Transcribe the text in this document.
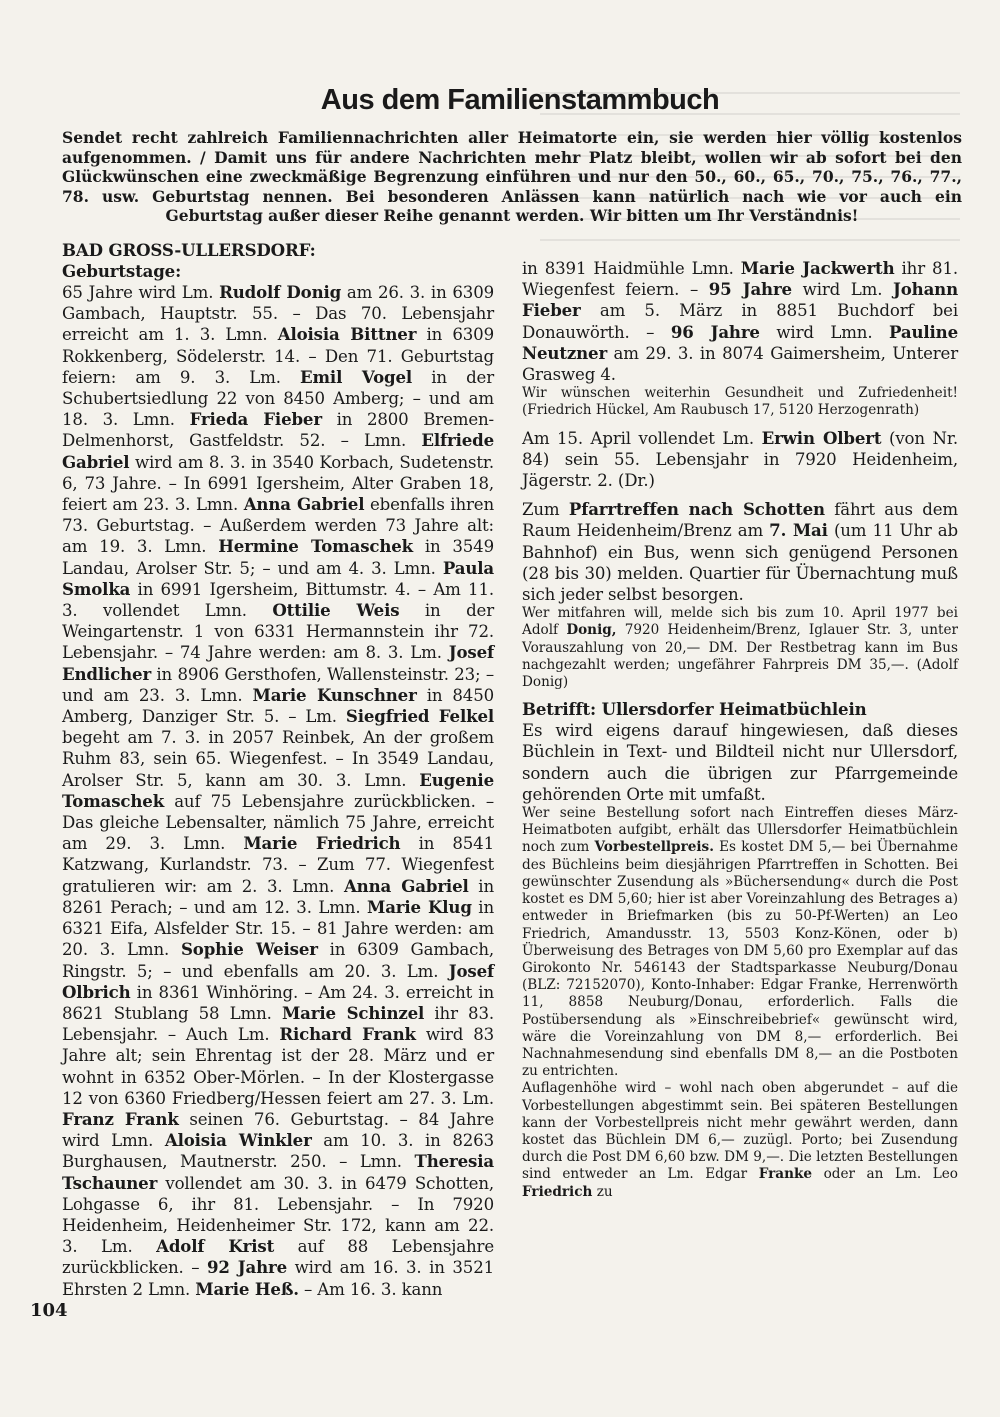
Aus dem Familienstammbuch
Sendet recht zahlreich Familiennachrichten aller Heimatorte ein, sie werden hier völlig kostenlos aufgenommen. / Damit uns für andere Nachrichten mehr Platz bleibt, wollen wir ab sofort bei den Glückwünschen eine zweckmäßige Begrenzung einführen und nur den 50., 60., 65., 70., 75., 76., 77., 78. usw. Geburtstag nennen. Bei besonderen Anlässen kann natürlich nach wie vor auch ein Geburtstag außer dieser Reihe genannt werden. Wir bitten um Ihr Verständnis!
BAD GROSS-ULLERSDORF:
Geburtstage:

65 Jahre wird Lm. Rudolf Donig am 26. 3. in 6309 Gambach, Hauptstr. 55. – Das 70. Lebensjahr erreicht am 1. 3. Lmn. Aloisia Bittner in 6309 Rokkenberg, Södelerstr. 14. – Den 71. Geburtstag feiern: am 9. 3. Lm. Emil Vogel in der Schubertsiedlung 22 von 8450 Amberg; – und am 18. 3. Lmn. Frieda Fieber in 2800 Bremen-Delmenhorst, Gastfeldstr. 52. – Lmn. Elfriede Gabriel wird am 8. 3. in 3540 Korbach, Sudetenstr. 6, 73 Jahre. – In 6991 Igersheim, Alter Graben 18, feiert am 23. 3. Lmn. Anna Gabriel ebenfalls ihren 73. Geburtstag. – Außerdem werden 73 Jahre alt: am 19. 3. Lmn. Hermine Tomaschek in 3549 Landau, Arolser Str. 5; – und am 4. 3. Lmn. Paula Smolka in 6991 Igersheim, Bittumstr. 4. – Am 11. 3. vollendet Lmn. Ottilie Weis in der Weingartenstr. 1 von 6331 Hermannstein ihr 72. Lebensjahr. – 74 Jahre werden: am 8. 3. Lm. Josef Endlicher in 8906 Gersthofen, Wallensteinstr. 23; – und am 23. 3. Lmn. Marie Kunschner in 8450 Amberg, Danziger Str. 5. – Lm. Siegfried Felkel begeht am 7. 3. in 2057 Reinbek, An der großem Ruhm 83, sein 65. Wiegenfest. – In 3549 Landau, Arolser Str. 5, kann am 30. 3. Lmn. Eugenie Tomaschek auf 75 Lebensjahre zurückblicken. – Das gleiche Lebensalter, nämlich 75 Jahre, erreicht am 29. 3. Lmn. Marie Friedrich in 8541 Katzwang, Kurlandstr. 73. – Zum 77. Wiegenfest gratulieren wir: am 2. 3. Lmn. Anna Gabriel in 8261 Perach; – und am 12. 3. Lmn. Marie Klug in 6321 Eifa, Alsfelder Str. 15. – 81 Jahre werden: am 20. 3. Lmn. Sophie Weiser in 6309 Gambach, Ringstr. 5; – und ebenfalls am 20. 3. Lm. Josef Olbrich in 8361 Winhöring. – Am 24. 3. erreicht in 8621 Stublang 58 Lmn. Marie Schinzel ihr 83. Lebensjahr. – Auch Lm. Richard Frank wird 83 Jahre alt; sein Ehrentag ist der 28. März und er wohnt in 6352 Ober-Mörlen. – In der Klostergasse 12 von 6360 Friedberg/Hessen feiert am 27. 3. Lm. Franz Frank seinen 76. Geburtstag. – 84 Jahre wird Lmn. Aloisia Winkler am 10. 3. in 8263 Burghausen, Mautnerstr. 250. – Lmn. Theresia Tschauner vollendet am 30. 3. in 6479 Schotten, Lohgasse 6, ihr 81. Lebensjahr. – In 7920 Heidenheim, Heidenheimer Str. 172, kann am 22. 3. Lm. Adolf Krist auf 88 Lebensjahre zurückblicken. – 92 Jahre wird am 16. 3. in 3521 Ehrsten 2 Lmn. Marie Heß. – Am 16. 3. kann

in 8391 Haidmühle Lmn. Marie Jackwerth ihr 81. Wiegenfest feiern. – 95 Jahre wird Lm. Johann Fieber am 5. März in 8851 Buchdorf bei Donauwörth. – 96 Jahre wird Lmn. Pauline Neutzner am 29. 3. in 8074 Gaimersheim, Unterer Grasweg 4.

Wir wünschen weiterhin Gesundheit und Zufriedenheit! (Friedrich Hückel, Am Raubusch 17, 5120 Herzogenrath)

Am 15. April vollendet Lm. Erwin Olbert (von Nr. 84) sein 55. Lebensjahr in 7920 Heidenheim, Jägerstr. 2. (Dr.)

Zum Pfarrtreffen nach Schotten fährt aus dem Raum Heidenheim/Brenz am 7. Mai (um 11 Uhr ab Bahnhof) ein Bus, wenn sich genügend Personen (28 bis 30) melden. Quartier für Übernachtung muß sich jeder selbst besorgen.

Wer mitfahren will, melde sich bis zum 10. April 1977 bei Adolf Donig, 7920 Heidenheim/Brenz, Iglauer Str. 3, unter Vorauszahlung von 20,— DM. Der Restbetrag kann im Bus nachgezahlt werden; ungefährer Fahrpreis DM 35,—. (Adolf Donig)

Betrifft: Ullersdorfer Heimatbüchlein

Es wird eigens darauf hingewiesen, daß dieses Büchlein in Text- und Bildteil nicht nur Ullersdorf, sondern auch die übrigen zur Pfarrgemeinde gehörenden Orte mit umfaßt.

Wer seine Bestellung sofort nach Eintreffen dieses März-Heimatboten aufgibt, erhält das Ullersdorfer Heimatbüchlein noch zum Vorbestellpreis. Es kostet DM 5,— bei Übernahme des Büchleins beim diesjährigen Pfarrtreffen in Schotten. Bei gewünschter Zusendung als »Büchersendung« durch die Post kostet es DM 5,60; hier ist aber Voreinzahlung des Betrages a) entweder in Briefmarken (bis zu 50-Pf-Werten) an Leo Friedrich, Amandusstr. 13, 5503 Konz-Könen, oder b) Überweisung des Betrages von DM 5,60 pro Exemplar auf das Girokonto Nr. 546143 der Stadtsparkasse Neuburg/Donau (BLZ: 72152070), Konto-Inhaber: Edgar Franke, Herrenwörth 11, 8858 Neuburg/Donau, erforderlich. Falls die Postübersendung als »Einschreibebrief« gewünscht wird, wäre die Voreinzahlung von DM 8,— erforderlich. Bei Nachnahmesendung sind ebenfalls DM 8,— an die Postboten zu entrichten.

Auflagenhöhe wird – wohl nach oben abgerundet – auf die Vorbestellungen abgestimmt sein. Bei späteren Bestellungen kann der Vorbestellpreis nicht mehr gewährt werden, dann kostet das Büchlein DM 6,— zuzügl. Porto; bei Zusendung durch die Post DM 6,60 bzw. DM 9,—. Die letzten Bestellungen sind entweder an Lm. Edgar Franke oder an Lm. Leo Friedrich zu

104
